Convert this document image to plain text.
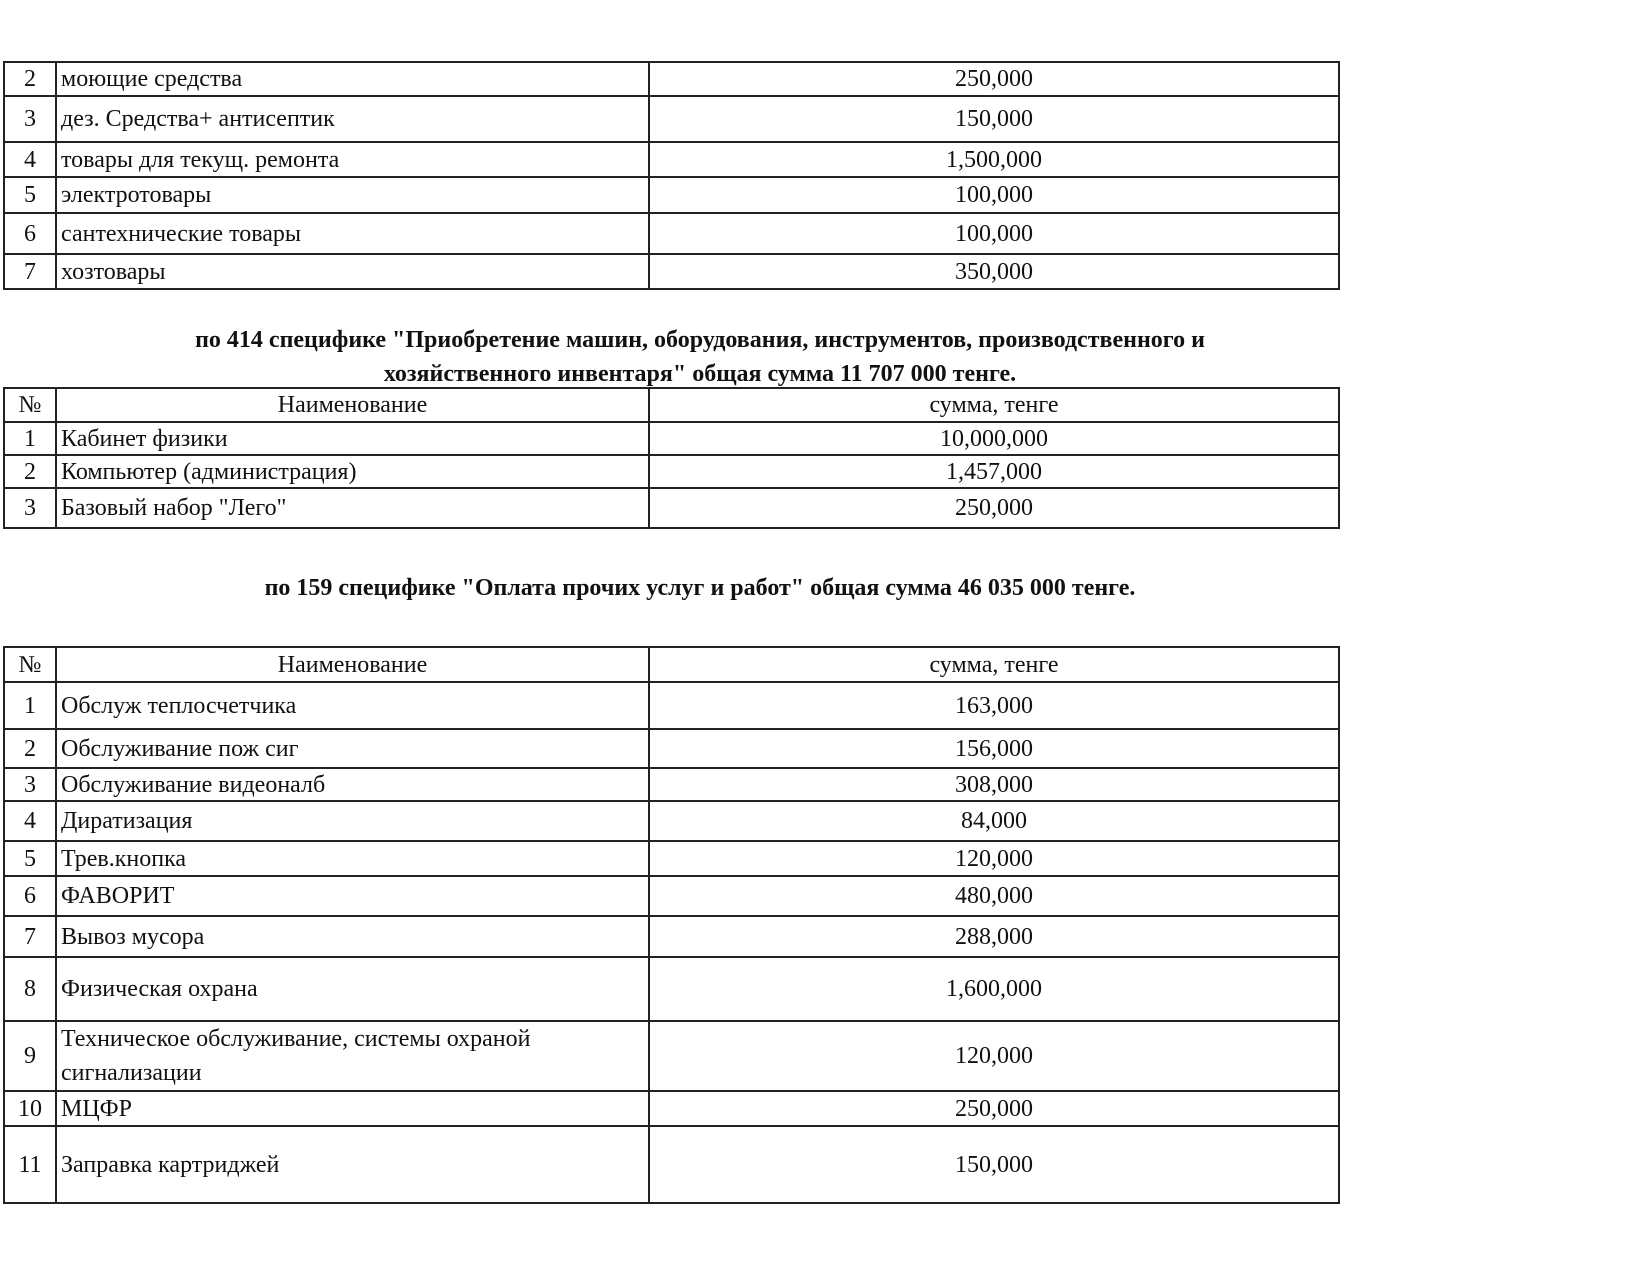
2	моющие средства	250,000
3	дез. Средства+ антисептик	150,000
4	товары для текущ. ремонта	1,500,000
5	электротовары	100,000
6	сантехнические товары	100,000
7	хозтовары	350,000
по 414 специфике "Приобретение машин, оборудования, инструментов, производственного и
хозяйственного инвентаря" общая сумма 11 707 000 тенге.
№	Наименование	сумма, тенге
1	Кабинет физики	10,000,000
2	Компьютер (администрация)	1,457,000
3	Базовый набор "Лего"	250,000
по 159 специфике "Оплата прочих услуг и работ" общая сумма 46 035 000 тенге.
№	Наименование	сумма, тенге
1	Обслуж теплосчетчика	163,000
2	Обслуживание пож сиг	156,000
3	Обслуживание видеоналб	308,000
4	Диратизация	84,000
5	Трев.кнопка	120,000
6	ФАВОРИТ	480,000
7	Вывоз мусора	288,000
8	Физическая охрана	1,600,000
9	Техническое обслуживание, системы охраной сигнализации	120,000
10	МЦФР	250,000
11	Заправка картриджей	150,000
